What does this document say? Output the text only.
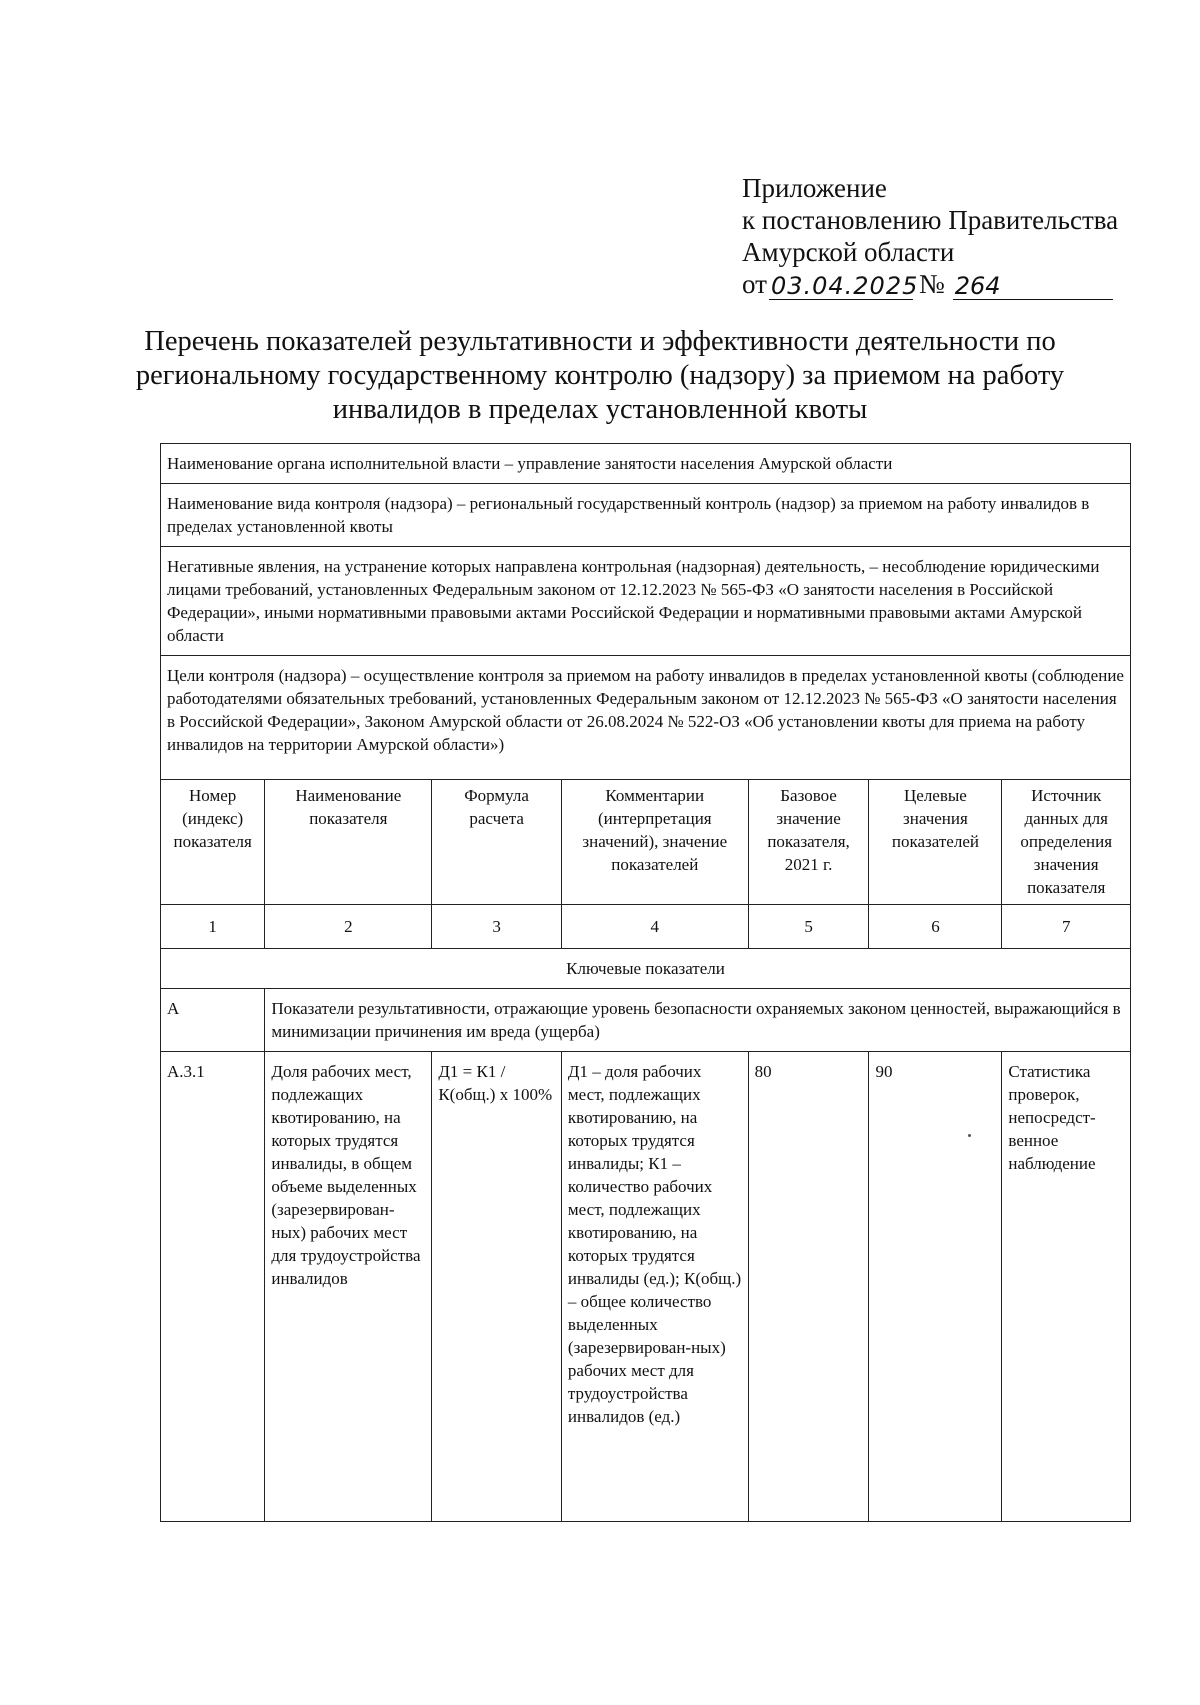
Приложение
к постановлению Правительства
Амурской области
от 03.04.2025 № 264
Перечень показателей результативности и эффективности деятельности по региональному государственному контролю (надзору) за приемом на работу инвалидов в пределах установленной квоты
Наименование органа исполнительной власти – управление занятости населения Амурской области						
Наименование вида контроля (надзора) – региональный государственный контроль (надзор) за приемом на работу инвалидов в пределах установленной квоты						
Негативные явления, на устранение которых направлена контрольная (надзорная) деятельность, – несоблюдение юридическими лицами требований, установленных Федеральным законом от 12.12.2023 № 565-ФЗ «О занятости населения в Российской Федерации», иными нормативными правовыми актами Российской Федерации и нормативными правовыми актами Амурской области						
Цели контроля (надзора) – осуществление контроля за приемом на работу инвалидов в пределах установленной квоты (соблюдение работодателями обязательных требований, установленных Федеральным законом от 12.12.2023 № 565-ФЗ «О занятости населения в Российской Федерации», Законом Амурской области от 26.08.2024 № 522-ОЗ «Об установлении квоты для приема на работу инвалидов на территории Амурской области»)						
Номер (индекс) показателя	Наименование показателя	Формула расчета	Комментарии (интерпретация значений), значение показателей	Базовое значение показателя, 2021 г.	Целевые значения показателей	Источник данных для определения значения показателя
1	2	3	4	5	6	7
Ключевые показатели						
А	Показатели результативности, отражающие уровень безопасности охраняемых законом ценностей, выражающийся в минимизации причинения им вреда (ущерба)					
А.3.1	Доля рабочих мест, подлежащих квотированию, на которых трудятся инвалиды, в общем объеме выделенных (зарезервирован-ных) рабочих мест для трудоустройства инвалидов	Д1 = К1 / К(общ.) х 100%	Д1 – доля рабочих мест, подлежащих квотированию, на которых трудятся инвалиды; К1 – количество рабочих мест, подлежащих квотированию, на которых трудятся инвалиды (ед.); К(общ.) – общее количество выделенных (зарезервирован-ных) рабочих мест для трудоустройства инвалидов (ед.)	80	90	Статистика проверок, непосредст-венное наблюдение
